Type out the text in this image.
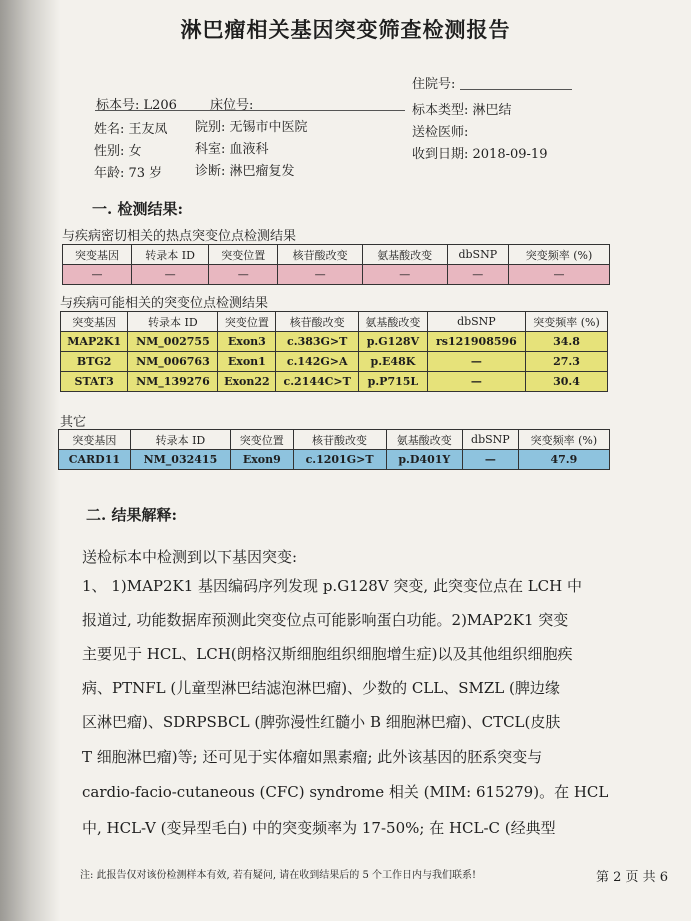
淋巴瘤相关基因突变筛查检测报告
住院号:
标本号: L206	床位号:	标本类型: 淋巴结
姓名: 王友凤 院别: 无锡市中医院	送检医师:
性别: 女	科室: 血液科	收到日期: 2018-09-19
年龄: 73 岁	诊断: 淋巴瘤复发
一. 检测结果:
与疾病密切相关的热点突变位点检测结果
突变基因	转录本 ID	突变位置	核苷酸改变	氨基酸改变	dbSNP	突变频率 (%)
—	—	—	—	—	—	—
与疾病可能相关的突变位点检测结果
突变基因	转录本 ID	突变位置	核苷酸改变	氨基酸改变	dbSNP	突变频率 (%)
MAP2K1	NM_002755	Exon3	c.383G>T	p.G128V	rs121908596	34.8
BTG2	NM_006763	Exon1	c.142G>A	p.E48K	—	27.3
STAT3	NM_139276	Exon22	c.2144C>T	p.P715L	—	30.4
其它
突变基因	转录本 ID	突变位置	核苷酸改变	氨基酸改变	dbSNP	突变频率 (%)
CARD11	NM_032415	Exon9	c.1201G>T	p.D401Y	—	47.9
二. 结果解释:
送检标本中检测到以下基因突变:
1、 1)MAP2K1 基因编码序列发现 p.G128V 突变, 此突变位点在 LCH 中
报道过, 功能数据库预测此突变位点可能影响蛋白功能。2)MAP2K1 突变
主要见于 HCL、LCH(朗格汉斯细胞组织细胞增生症)以及其他组织细胞疾
病、PTNFL (儿童型淋巴结滤泡淋巴瘤)、少数的 CLL、SMZL (脾边缘
区淋巴瘤)、SDRPSBCL (脾弥漫性红髓小 B 细胞淋巴瘤)、CTCL(皮肤
T 细胞淋巴瘤)等; 还可见于实体瘤如黑素瘤; 此外该基因的胚系突变与
cardio-facio-cutaneous (CFC) syndrome 相关 (MIM: 615279)。在 HCL
中, HCL-V (变异型毛白) 中的突变频率为 17-50%; 在 HCL-C (经典型
注: 此报告仅对该份检测样本有效, 若有疑问, 请在收到结果后的 5 个工作日内与我们联系!	第 2 页 共 6
